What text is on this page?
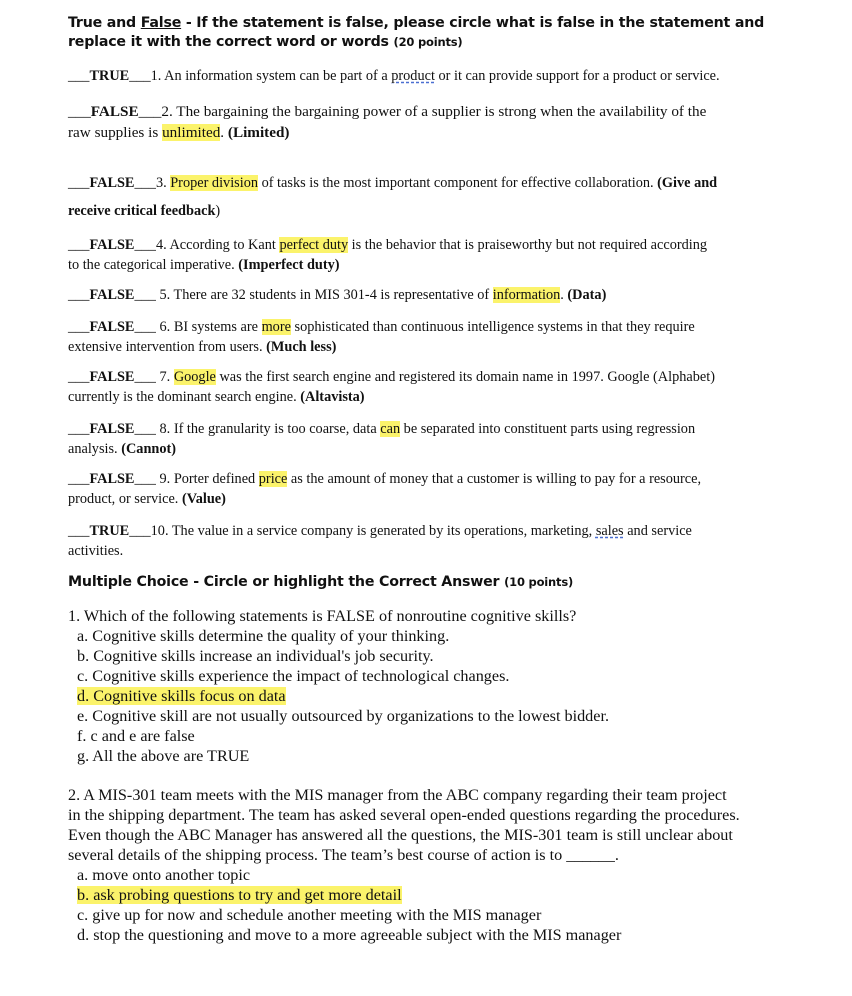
True and False - If the statement is false, please circle what is false in the statement and
replace it with the correct word or words (20 points)
___TRUE___1. An information system can be part of a product or it can provide support for a product or service.
___FALSE___2. The bargaining the bargaining power of a supplier is strong when the availability of the
raw supplies is unlimited. (Limited)
___FALSE___3. Proper division of tasks is the most important component for effective collaboration. (Give and
receive critical feedback)
___FALSE___4. According to Kant perfect duty is the behavior that is praiseworthy but not required according
to the categorical imperative. (Imperfect duty)
___FALSE___ 5. There are 32 students in MIS 301-4 is representative of information. (Data)
___FALSE___ 6. BI systems are more sophisticated than continuous intelligence systems in that they require
extensive intervention from users. (Much less)
___FALSE___ 7. Google was the first search engine and registered its domain name in 1997. Google (Alphabet)
currently is the dominant search engine. (Altavista)
___FALSE___ 8. If the granularity is too coarse, data can be separated into constituent parts using regression
analysis. (Cannot)
___FALSE___ 9. Porter defined price as the amount of money that a customer is willing to pay for a resource,
product, or service. (Value)
___TRUE___10. The value in a service company is generated by its operations, marketing, sales and service
activities.
Multiple Choice - Circle or highlight the Correct Answer (10 points)
1. Which of the following statements is FALSE of nonroutine cognitive skills?
a. Cognitive skills determine the quality of your thinking.
b. Cognitive skills increase an individual's job security.
c. Cognitive skills experience the impact of technological changes.
d. Cognitive skills focus on data
e. Cognitive skill are not usually outsourced by organizations to the lowest bidder.
f. c and e are false
g. All the above are TRUE
2. A MIS-301 team meets with the MIS manager from the ABC company regarding their team project
in the shipping department. The team has asked several open-ended questions regarding the procedures.
Even though the ABC Manager has answered all the questions, the MIS-301 team is still unclear about
several details of the shipping process. The team’s best course of action is to ______.
a. move onto another topic
b. ask probing questions to try and get more detail
c. give up for now and schedule another meeting with the MIS manager
d. stop the questioning and move to a more agreeable subject with the MIS manager
